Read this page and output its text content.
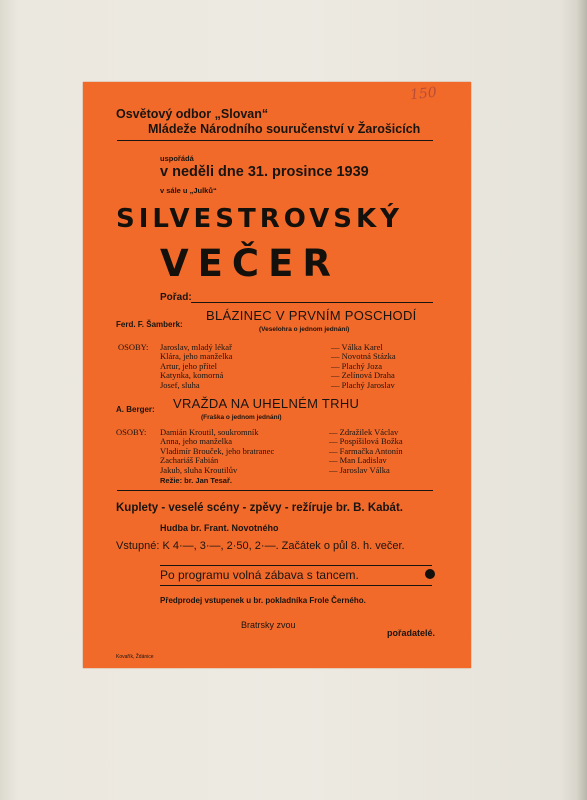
150
Osvětový odbor „Slovan“
Mládeže Národního souručenství v Žarošicích
uspořádá
v neděli dne 31. prosince 1939
v sále u „Julků“
SILVESTROVSKÝ
VEČER
Pořad:
Ferd. F. Šamberk:
BLÁZINEC V PRVNÍM POSCHODÍ
(Veselohra o jednom jednání)
OSOBY: Jaroslav, mladý lékař
Klára, jeho manželka
Artur, jeho přítel
Katynka, komorná
Josef, sluha
— Válka Karel
— Novotná Stázka
— Plachý Joza
— Zelínová Draha
— Plachý Jaroslav
A. Berger: VRAŽDA NA UHELNÉM TRHU
(Fraška o jednom jednání)
OSOBY: Damián Kroutil, soukromník
Anna, jeho manželka
Vladimír Brouček, jeho bratranec
Zachariáš Fabián
Jakub, sluha Kroutilův
— Zdražilek Václav
— Pospíšilová Božka
— Farmačka Antonín
— Man Ladislav
— Jaroslav Válka
Režie: br. Jan Tesař.
Kuplety - veselé scény - zpěvy - režíruje br. B. Kabát.
Hudba br. Frant. Novotného
Vstupné: K 4·—, 3·—, 2·50, 2·—. Začátek o půl 8. h. večer.
Po programu volná zábava s tancem.
Předprodej vstupenek u br. pokladníka Frole Černého.
Bratrsky zvou
pořadatelé.
Kovařík, Ždánice
